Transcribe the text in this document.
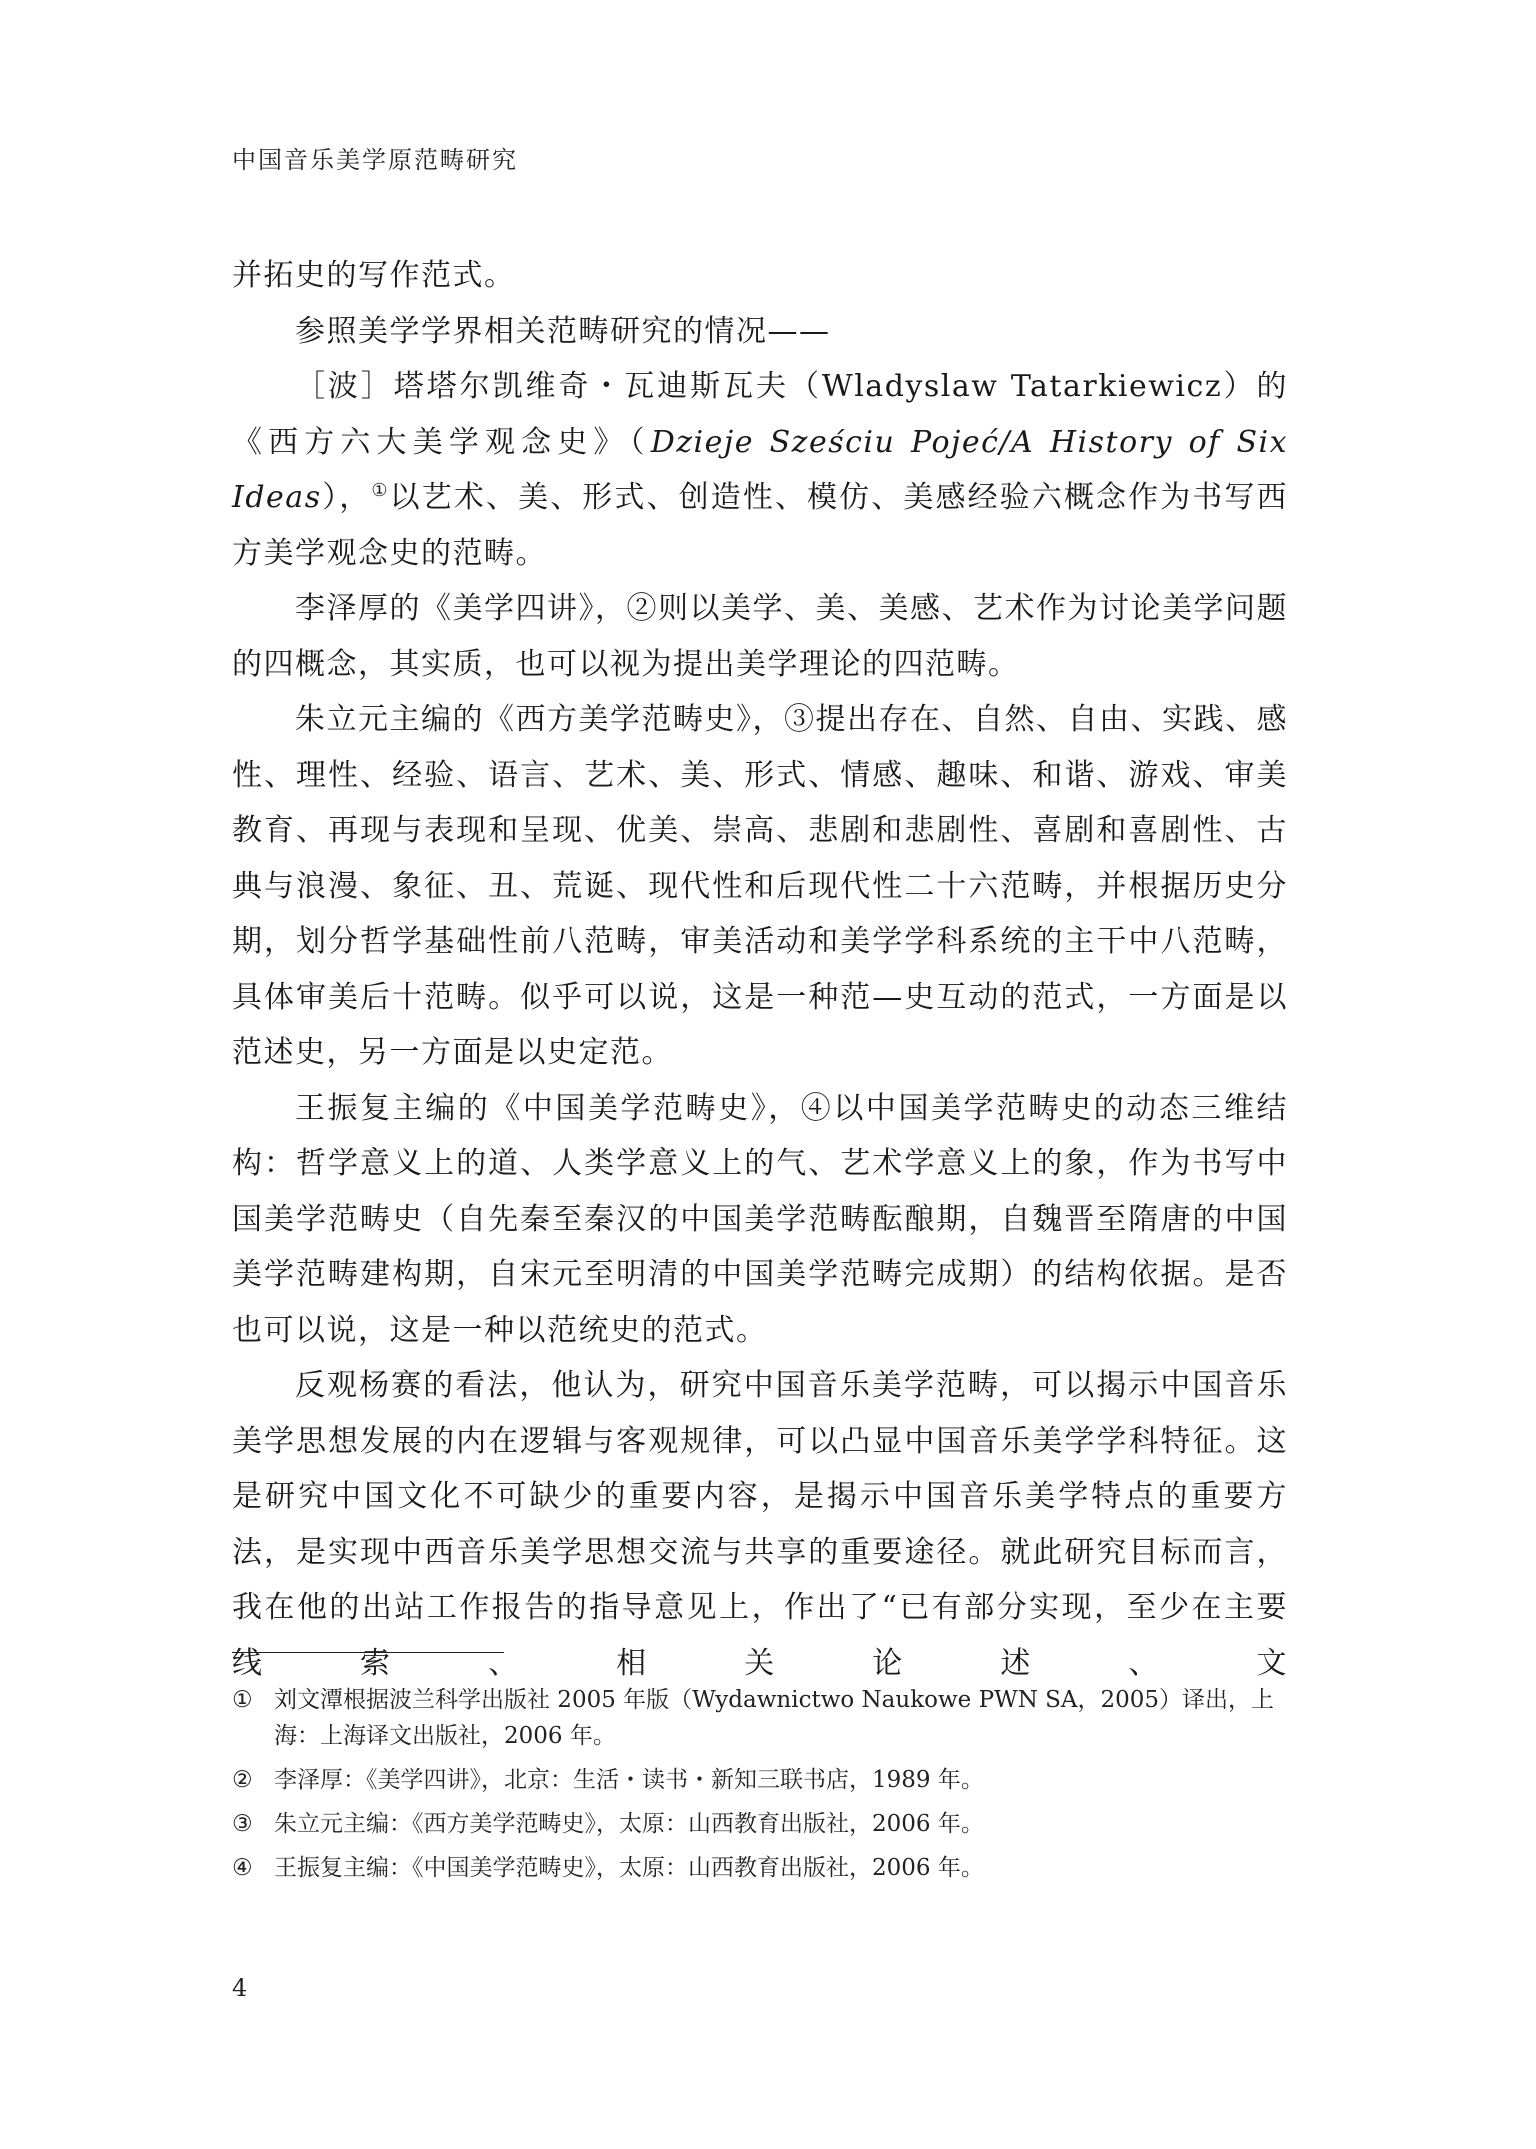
中国音乐美学原范畴研究

并拓史的写作范式。

参照美学学界相关范畴研究的情况——

［波］塔塔尔凯维奇・瓦迪斯瓦夫（Wladyslaw Tatarkiewicz）的《西方六大美学观念史》（Dzieje Sześciu Pojeć/A History of Six Ideas），①以艺术、美、形式、创造性、模仿、美感经验六概念作为书写西方美学观念史的范畴。

李泽厚的《美学四讲》，②则以美学、美、美感、艺术作为讨论美学问题的四概念，其实质，也可以视为提出美学理论的四范畴。

朱立元主编的《西方美学范畴史》，③提出存在、自然、自由、实践、感性、理性、经验、语言、艺术、美、形式、情感、趣味、和谐、游戏、审美教育、再现与表现和呈现、优美、崇高、悲剧和悲剧性、喜剧和喜剧性、古典与浪漫、象征、丑、荒诞、现代性和后现代性二十六范畴，并根据历史分期，划分哲学基础性前八范畴，审美活动和美学学科系统的主干中八范畴，具体审美后十范畴。似乎可以说，这是一种范—史互动的范式，一方面是以范述史，另一方面是以史定范。

王振复主编的《中国美学范畴史》，④以中国美学范畴史的动态三维结构：哲学意义上的道、人类学意义上的气、艺术学意义上的象，作为书写中国美学范畴史（自先秦至秦汉的中国美学范畴酝酿期，自魏晋至隋唐的中国美学范畴建构期，自宋元至明清的中国美学范畴完成期）的结构依据。是否也可以说，这是一种以范统史的范式。

反观杨赛的看法，他认为，研究中国音乐美学范畴，可以揭示中国音乐美学思想发展的内在逻辑与客观规律，可以凸显中国音乐美学学科特征。这是研究中国文化不可缺少的重要内容，是揭示中国音乐美学特点的重要方法，是实现中西音乐美学思想交流与共享的重要途径。就此研究目标而言，我在他的出站工作报告的指导意见上，作出了“已有部分实现，至少在主要线索、相关论述、文

① 刘文潭根据波兰科学出版社 2005 年版（Wydawnictwo Naukowe PWN SA，2005）译出，上海：上海译文出版社，2006 年。
② 李泽厚：《美学四讲》，北京：生活・读书・新知三联书店，1989 年。
③ 朱立元主编：《西方美学范畴史》，太原：山西教育出版社，2006 年。
④ 王振复主编：《中国美学范畴史》，太原：山西教育出版社，2006 年。
4
